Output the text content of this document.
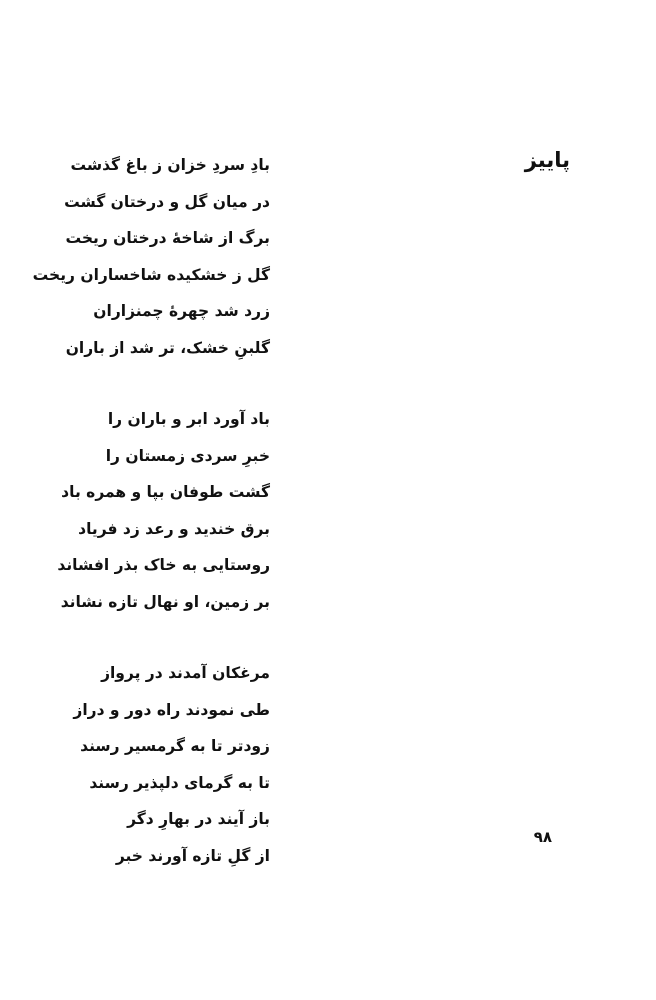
پاییز
بادِ سردِ خزان ز باغ گذشت
در میان گل و درختان گشت
برگ از شاخهٔ درختان ریخت
گل ز خشکیده شاخساران ریخت
زرد شد چهرهٔ چمنزاران
گلبنِ خشک، تر شد از باران
باد آورد ابر و باران را
خبرِ سردی زمستان را
گشت طوفان بپا و همره باد
برق خندید و رعد زد فریاد
روستایی به خاک بذر افشاند
بر زمین، او نهال تازه نشاند
مرغکان آمدند در پرواز
طی نمودند راه دور و دراز
زودتر تا به گرمسیر رسند
تا به گرمای دلپذیر رسند
باز آیند در بهارِ دگر
از گلِ تازه آورند خبر
۹۸
